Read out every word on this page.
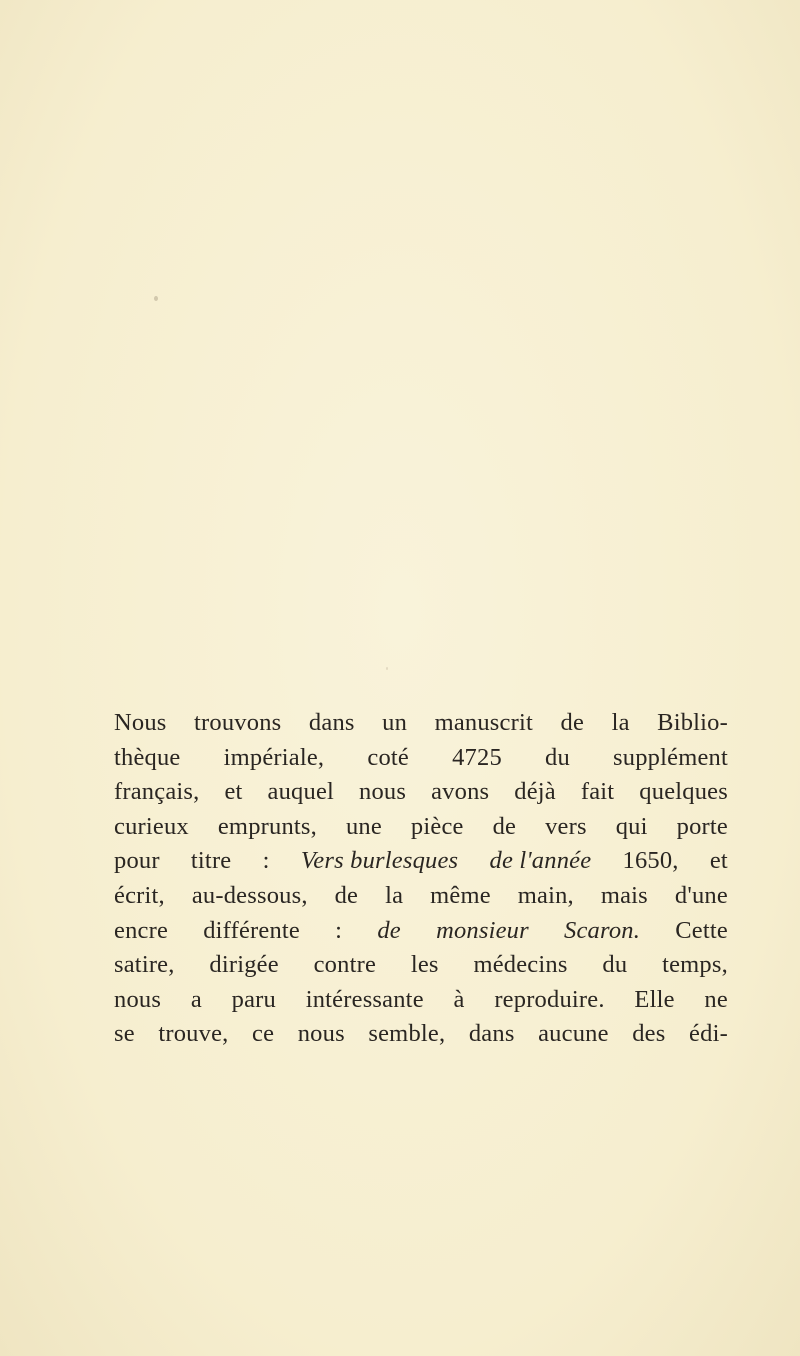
Nous trouvons dans un manuscrit de la Biblio-
thèque impériale, coté 4725 du supplément
français, et auquel nous avons déjà fait quelques
curieux emprunts, une pièce de vers qui porte
pour titre : Vers burlesques de l'année 1650, et
écrit, au-dessous, de la même main, mais d'une
encre différente : de monsieur Scaron. Cette
satire, dirigée contre les médecins du temps,
nous a paru intéressante à reproduire. Elle ne
se trouve, ce nous semble, dans aucune des édi-
